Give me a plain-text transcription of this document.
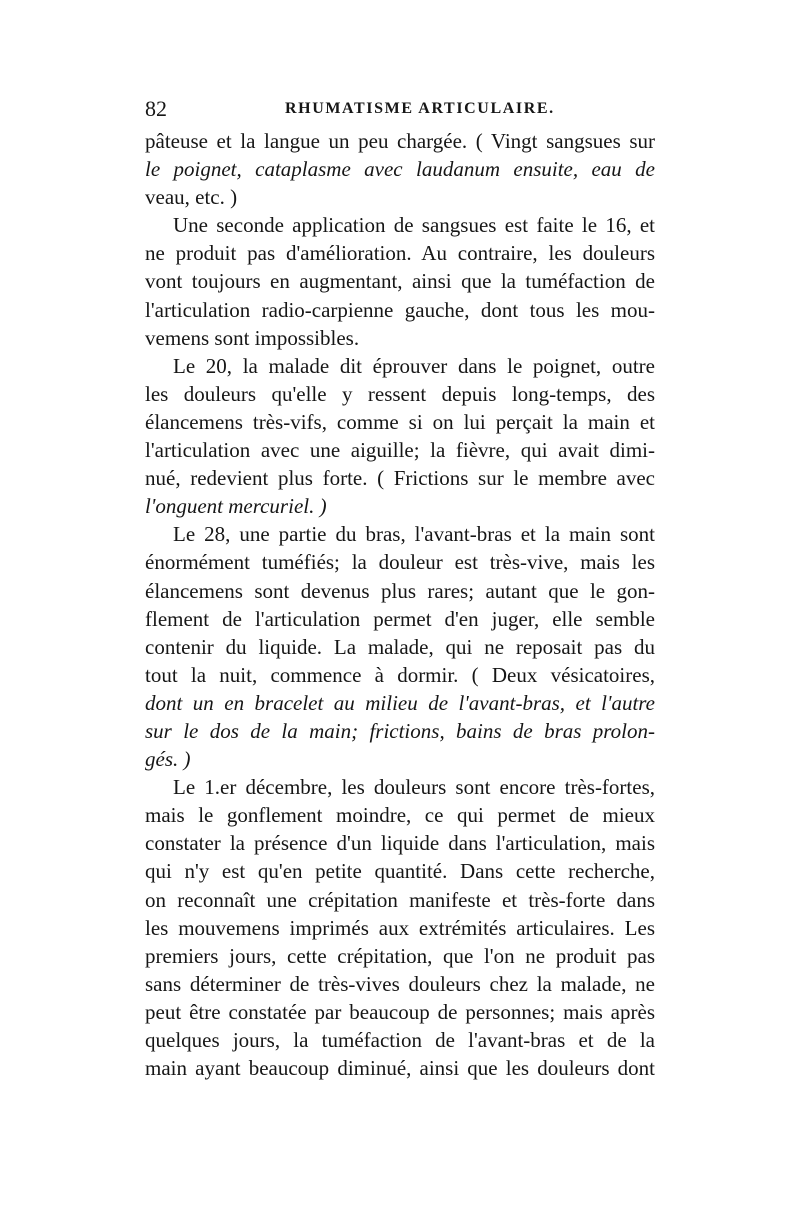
82	RHUMATISME ARTICULAIRE.
pâteuse et la langue un peu chargée. ( Vingt sangsues sur
le poignet, cataplasme avec laudanum ensuite, eau de
veau, etc. )
Une seconde application de sangsues est faite le 16, et
ne produit pas d'amélioration. Au contraire, les douleurs
vont toujours en augmentant, ainsi que la tuméfaction de
l'articulation radio-carpienne gauche, dont tous les mou-
vemens sont impossibles.
Le 20, la malade dit éprouver dans le poignet, outre
les douleurs qu'elle y ressent depuis long-temps, des
élancemens très-vifs, comme si on lui perçait la main et
l'articulation avec une aiguille; la fièvre, qui avait dimi-
nué, redevient plus forte. ( Frictions sur le membre avec
l'onguent mercuriel. )
Le 28, une partie du bras, l'avant-bras et la main sont
énormément tuméfiés; la douleur est très-vive, mais les
élancemens sont devenus plus rares; autant que le gon-
flement de l'articulation permet d'en juger, elle semble
contenir du liquide. La malade, qui ne reposait pas du
tout la nuit, commence à dormir. ( Deux vésicatoires,
dont un en bracelet au milieu de l'avant-bras, et l'autre
sur le dos de la main; frictions, bains de bras prolon-
gés. )
Le 1.er décembre, les douleurs sont encore très-fortes,
mais le gonflement moindre, ce qui permet de mieux
constater la présence d'un liquide dans l'articulation, mais
qui n'y est qu'en petite quantité. Dans cette recherche,
on reconnaît une crépitation manifeste et très-forte dans
les mouvemens imprimés aux extrémités articulaires. Les
premiers jours, cette crépitation, que l'on ne produit pas
sans déterminer de très-vives douleurs chez la malade, ne
peut être constatée par beaucoup de personnes; mais après
quelques jours, la tuméfaction de l'avant-bras et de la
main ayant beaucoup diminué, ainsi que les douleurs dont
